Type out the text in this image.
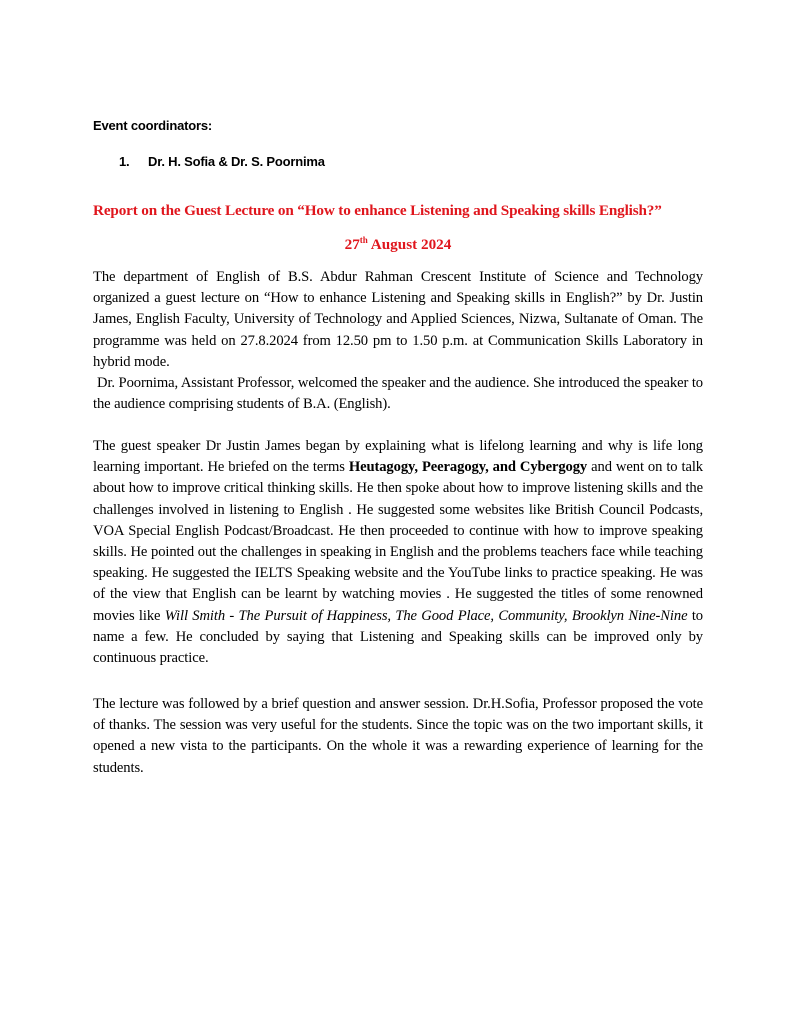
Event coordinators:
1. Dr. H. Sofia & Dr. S. Poornima
Report on the Guest Lecture on “How to enhance Listening and Speaking skills English?”
27th August 2024

The department of English of B.S. Abdur Rahman Crescent Institute of Science and Technology organized a guest lecture on “How to enhance Listening and Speaking skills in English?” by Dr. Justin James, English Faculty, University of Technology and Applied Sciences, Nizwa, Sultanate of Oman. The programme was held on 27.8.2024 from 12.50 pm to 1.50 p.m. at Communication Skills Laboratory in hybrid mode.

Dr. Poornima, Assistant Professor, welcomed the speaker and the audience. She introduced the speaker to the audience comprising students of B.A. (English).

The guest speaker Dr Justin James began by explaining what is lifelong learning and why is life long learning important. He briefed on the terms Heutagogy, Peeragogy, and Cybergogy and went on to talk about how to improve critical thinking skills. He then spoke about how to improve listening skills and the challenges involved in listening to English . He suggested some websites like British Council Podcasts, VOA Special English Podcast/Broadcast. He then proceeded to continue with how to improve speaking skills. He pointed out the challenges in speaking in English and the problems teachers face while teaching speaking. He suggested the IELTS Speaking website and the YouTube links to practice speaking. He was of the view that English can be learnt by watching movies . He suggested the titles of some renowned movies like Will Smith - The Pursuit of Happiness, The Good Place, Community, Brooklyn Nine-Nine to name a few. He concluded by saying that Listening and Speaking skills can be improved only by continuous practice.

The lecture was followed by a brief question and answer session. Dr.H.Sofia, Professor proposed the vote of thanks. The session was very useful for the students. Since the topic was on the two important skills, it opened a new vista to the participants. On the whole it was a rewarding experience of learning for the students.
